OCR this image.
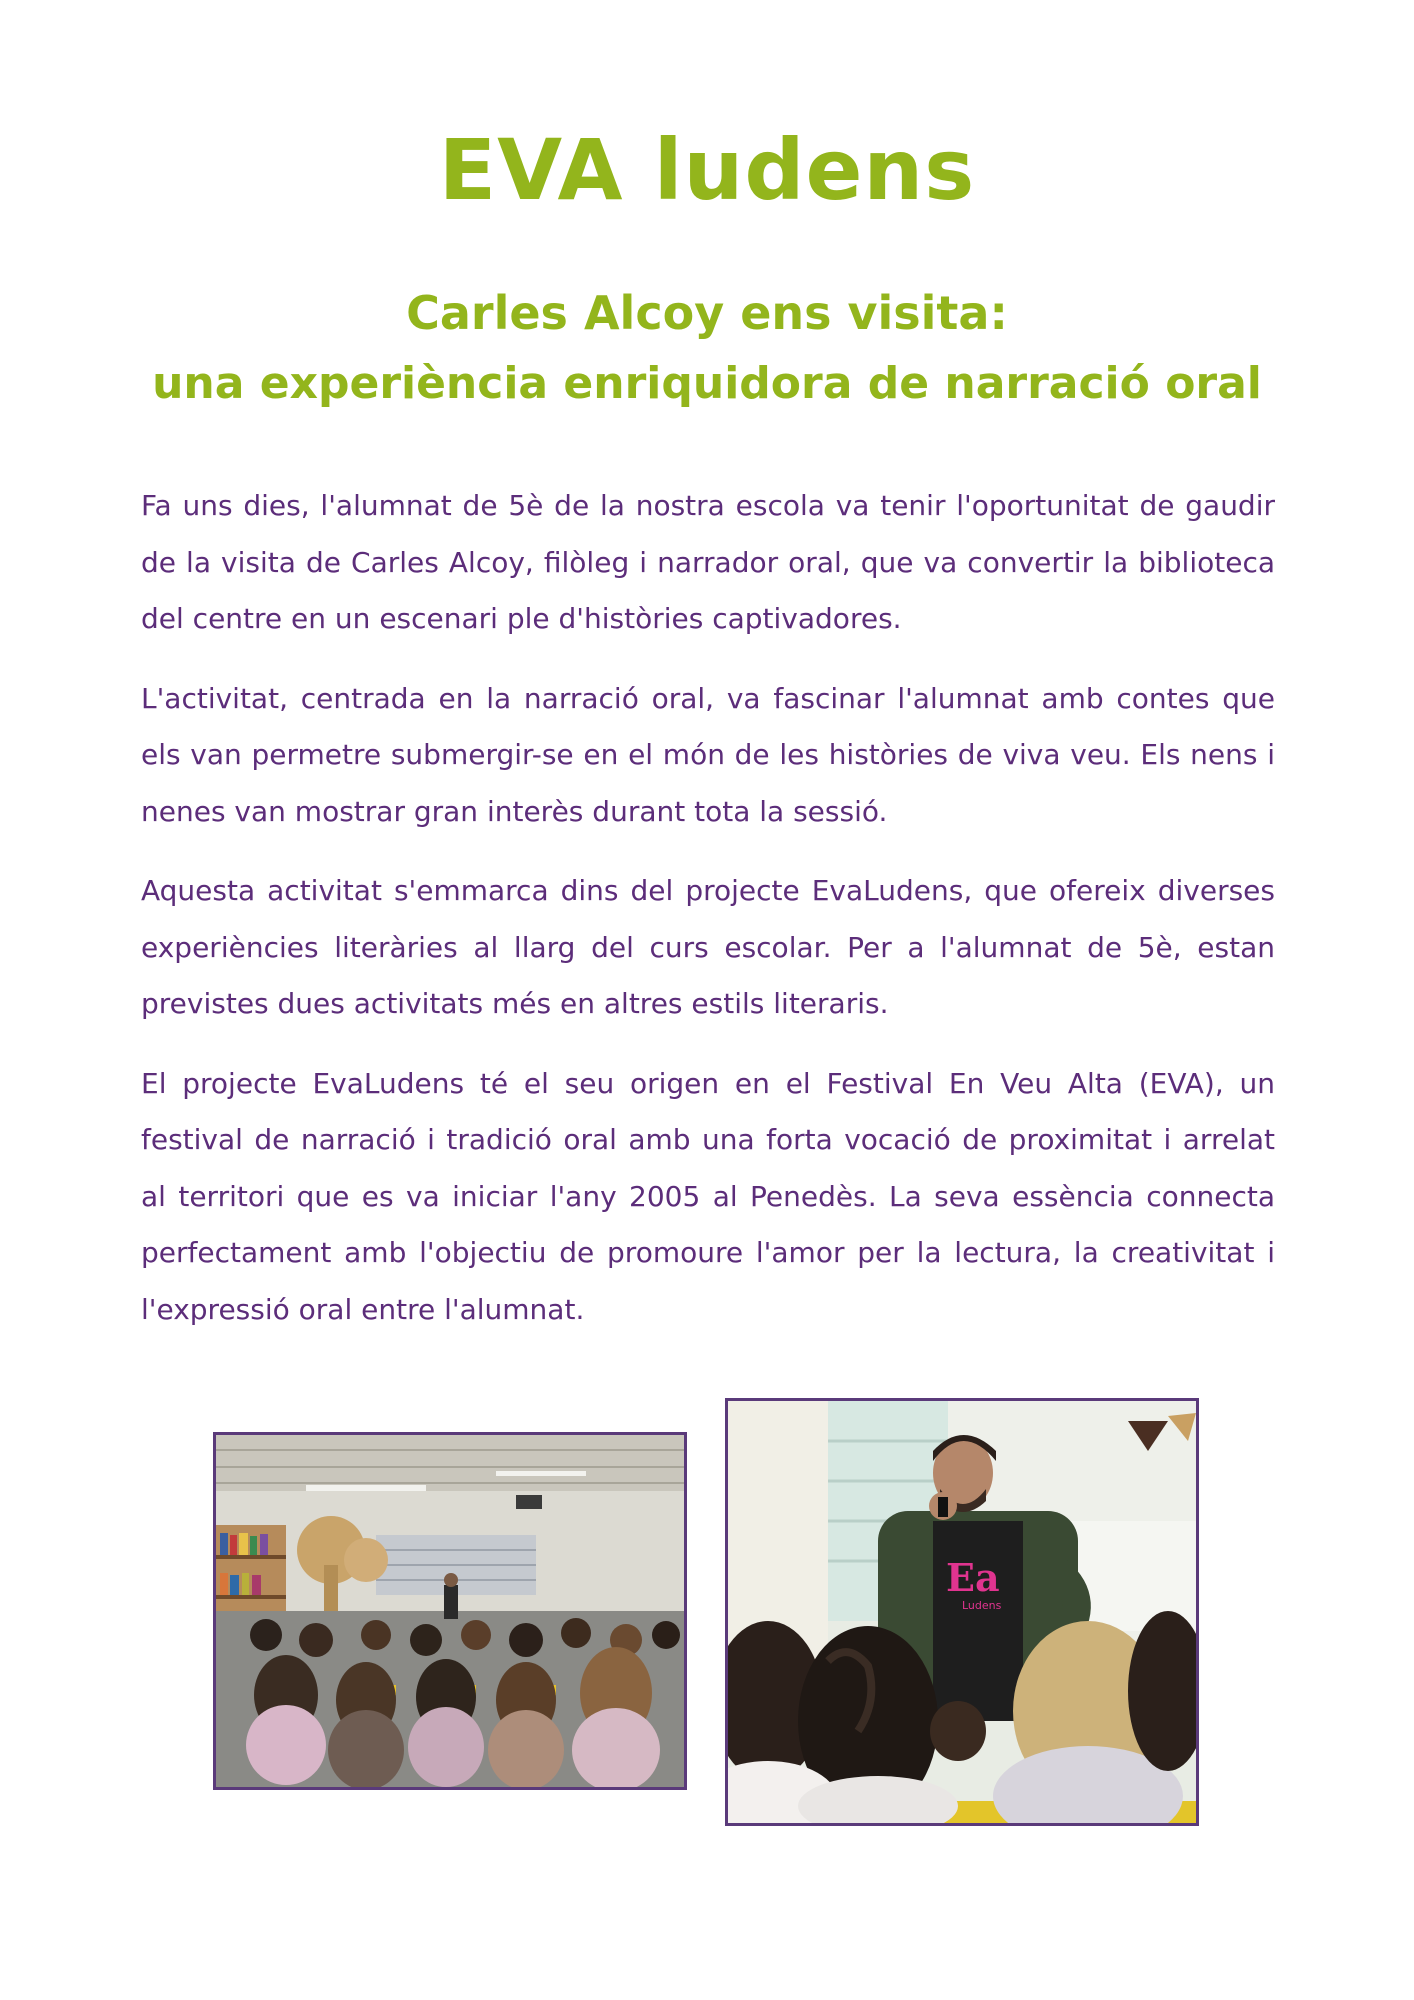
EVA ludens
Carles Alcoy ens visita:
una experiència enriquidora de narració oral

Fa uns dies, l'alumnat de 5è de la nostra escola va tenir l'oportunitat de gaudir de la visita de Carles Alcoy, filòleg i narrador oral, que va convertir la biblioteca del centre en un escenari ple d'històries captivadores.

L'activitat, centrada en la narració oral, va fascinar l'alumnat amb contes que els van permetre submergir-se en el món de les històries de viva veu. Els nens i nenes van mostrar gran interès durant tota la sessió.

Aquesta activitat s'emmarca dins del projecte EvaLudens, que ofereix diverses experiències literàries al llarg del curs escolar. Per a l'alumnat de 5è, estan previstes dues activitats més en altres estils literaris.

El projecte EvaLudens té el seu origen en el Festival En Veu Alta (EVA), un festival de narració i tradició oral amb una forta vocació de proximitat i arrelat al territori que es va iniciar l'any 2005 al Penedès. La seva essència connecta perfectament amb l'objectiu de promoure l'amor per la lectura, la creativitat i l'expressió oral entre l'alumnat.

Ea
Ludens
